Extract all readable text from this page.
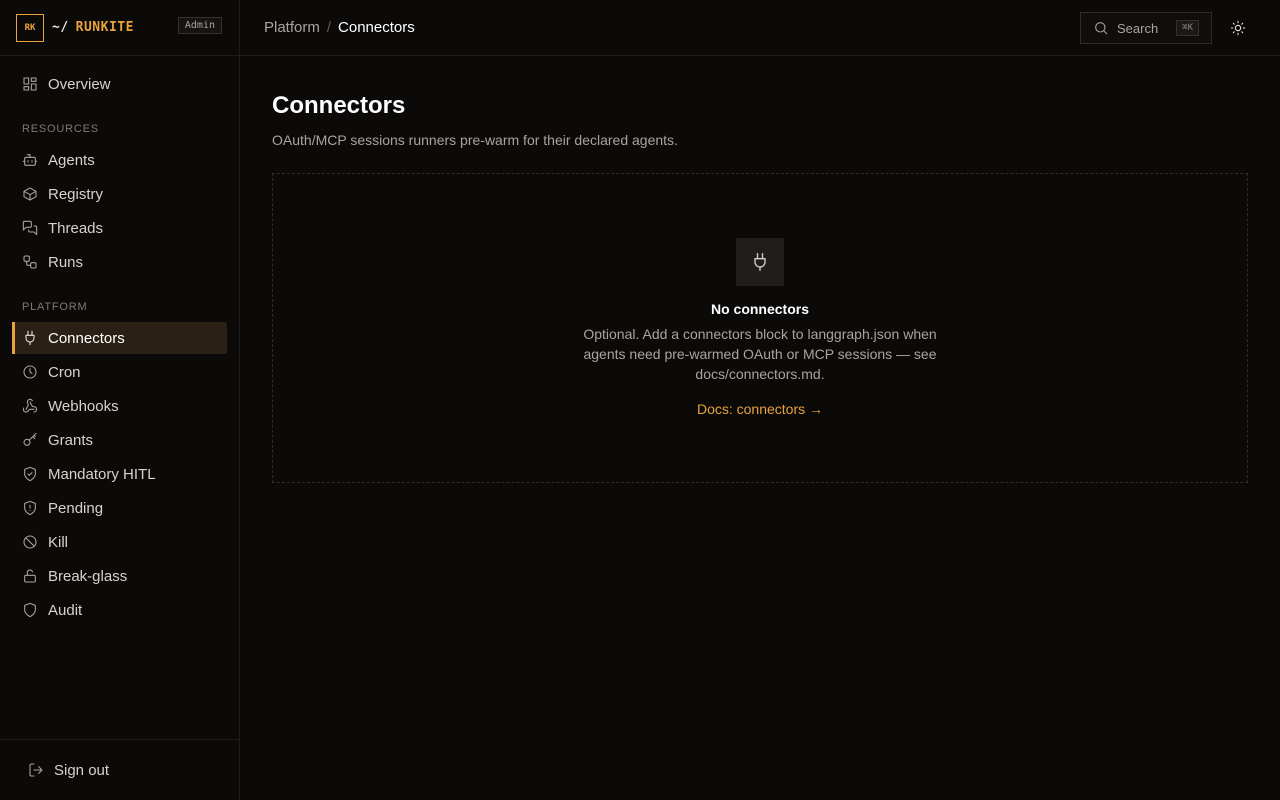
RK	~/ RUNKITE	Admin
Overview
RESOURCES
Agents
Registry
Threads
Runs
PLATFORM
Connectors
Cron
Webhooks
Grants
Mandatory HITL
Pending
Kill
Break-glass
Audit
Sign out
Platform / Connectors	Search	⌘K
Connectors

OAuth/MCP sessions runners pre-warm for their declared agents.

No connectors
Optional. Add a connectors block to langgraph.json when agents need pre-warmed OAuth or MCP sessions — see docs/connectors.md.
Docs: connectors →
